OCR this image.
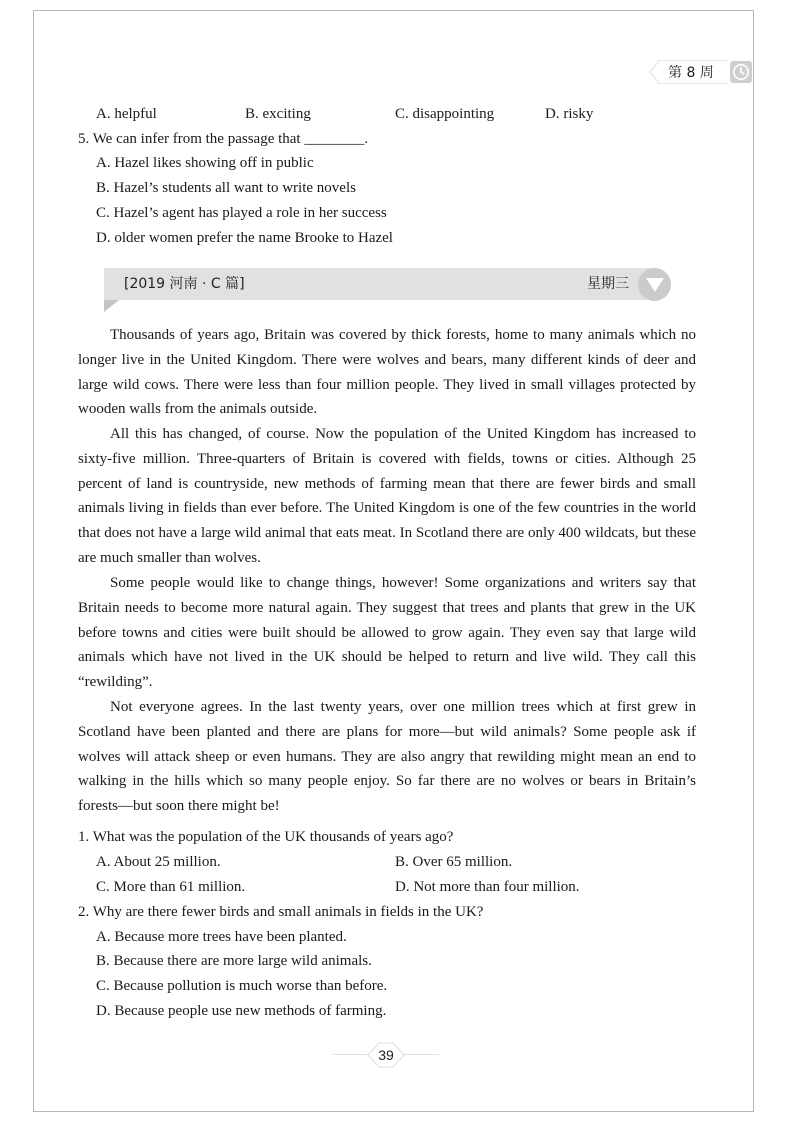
第 8 周
A. helpful	B. exciting	C. disappointing	D. risky
5. We can infer from the passage that ________.
A. Hazel likes showing off in public
B. Hazel’s students all want to write novels
C. Hazel’s agent has played a role in her success
D. older women prefer the name Brooke to Hazel
[2019 河南 · C 篇]	星期三

Thousands of years ago, Britain was covered by thick forests, home to many animals which no longer live in the United Kingdom. There were wolves and bears, many different kinds of deer and large wild cows. There were less than four million people. They lived in small villages protected by wooden walls from the animals outside.

All this has changed, of course. Now the population of the United Kingdom has increased to sixty-five million. Three-quarters of Britain is covered with fields, towns or cities. Although 25 percent of land is countryside, new methods of farming mean that there are fewer birds and small animals living in fields than ever before. The United Kingdom is one of the few countries in the world that does not have a large wild animal that eats meat. In Scotland there are only 400 wildcats, but these are much smaller than wolves.

Some people would like to change things, however! Some organizations and writers say that Britain needs to become more natural again. They suggest that trees and plants that grew in the UK before towns and cities were built should be allowed to grow again. They even say that large wild animals which have not lived in the UK should be helped to return and live wild. They call this “rewilding”.

Not everyone agrees. In the last twenty years, over one million trees which at first grew in Scotland have been planted and there are plans for more—but wild animals? Some people ask if wolves will attack sheep or even humans. They are also angry that rewilding might mean an end to walking in the hills which so many people enjoy. So far there are no wolves or bears in Britain’s forests—but soon there might be!

1. What was the population of the UK thousands of years ago?
A. About 25 million.	B. Over 65 million.
C. More than 61 million.	D. Not more than four million.
2. Why are there fewer birds and small animals in fields in the UK?
A. Because more trees have been planted.
B. Because there are more large wild animals.
C. Because pollution is much worse than before.
D. Because people use new methods of farming.
39
